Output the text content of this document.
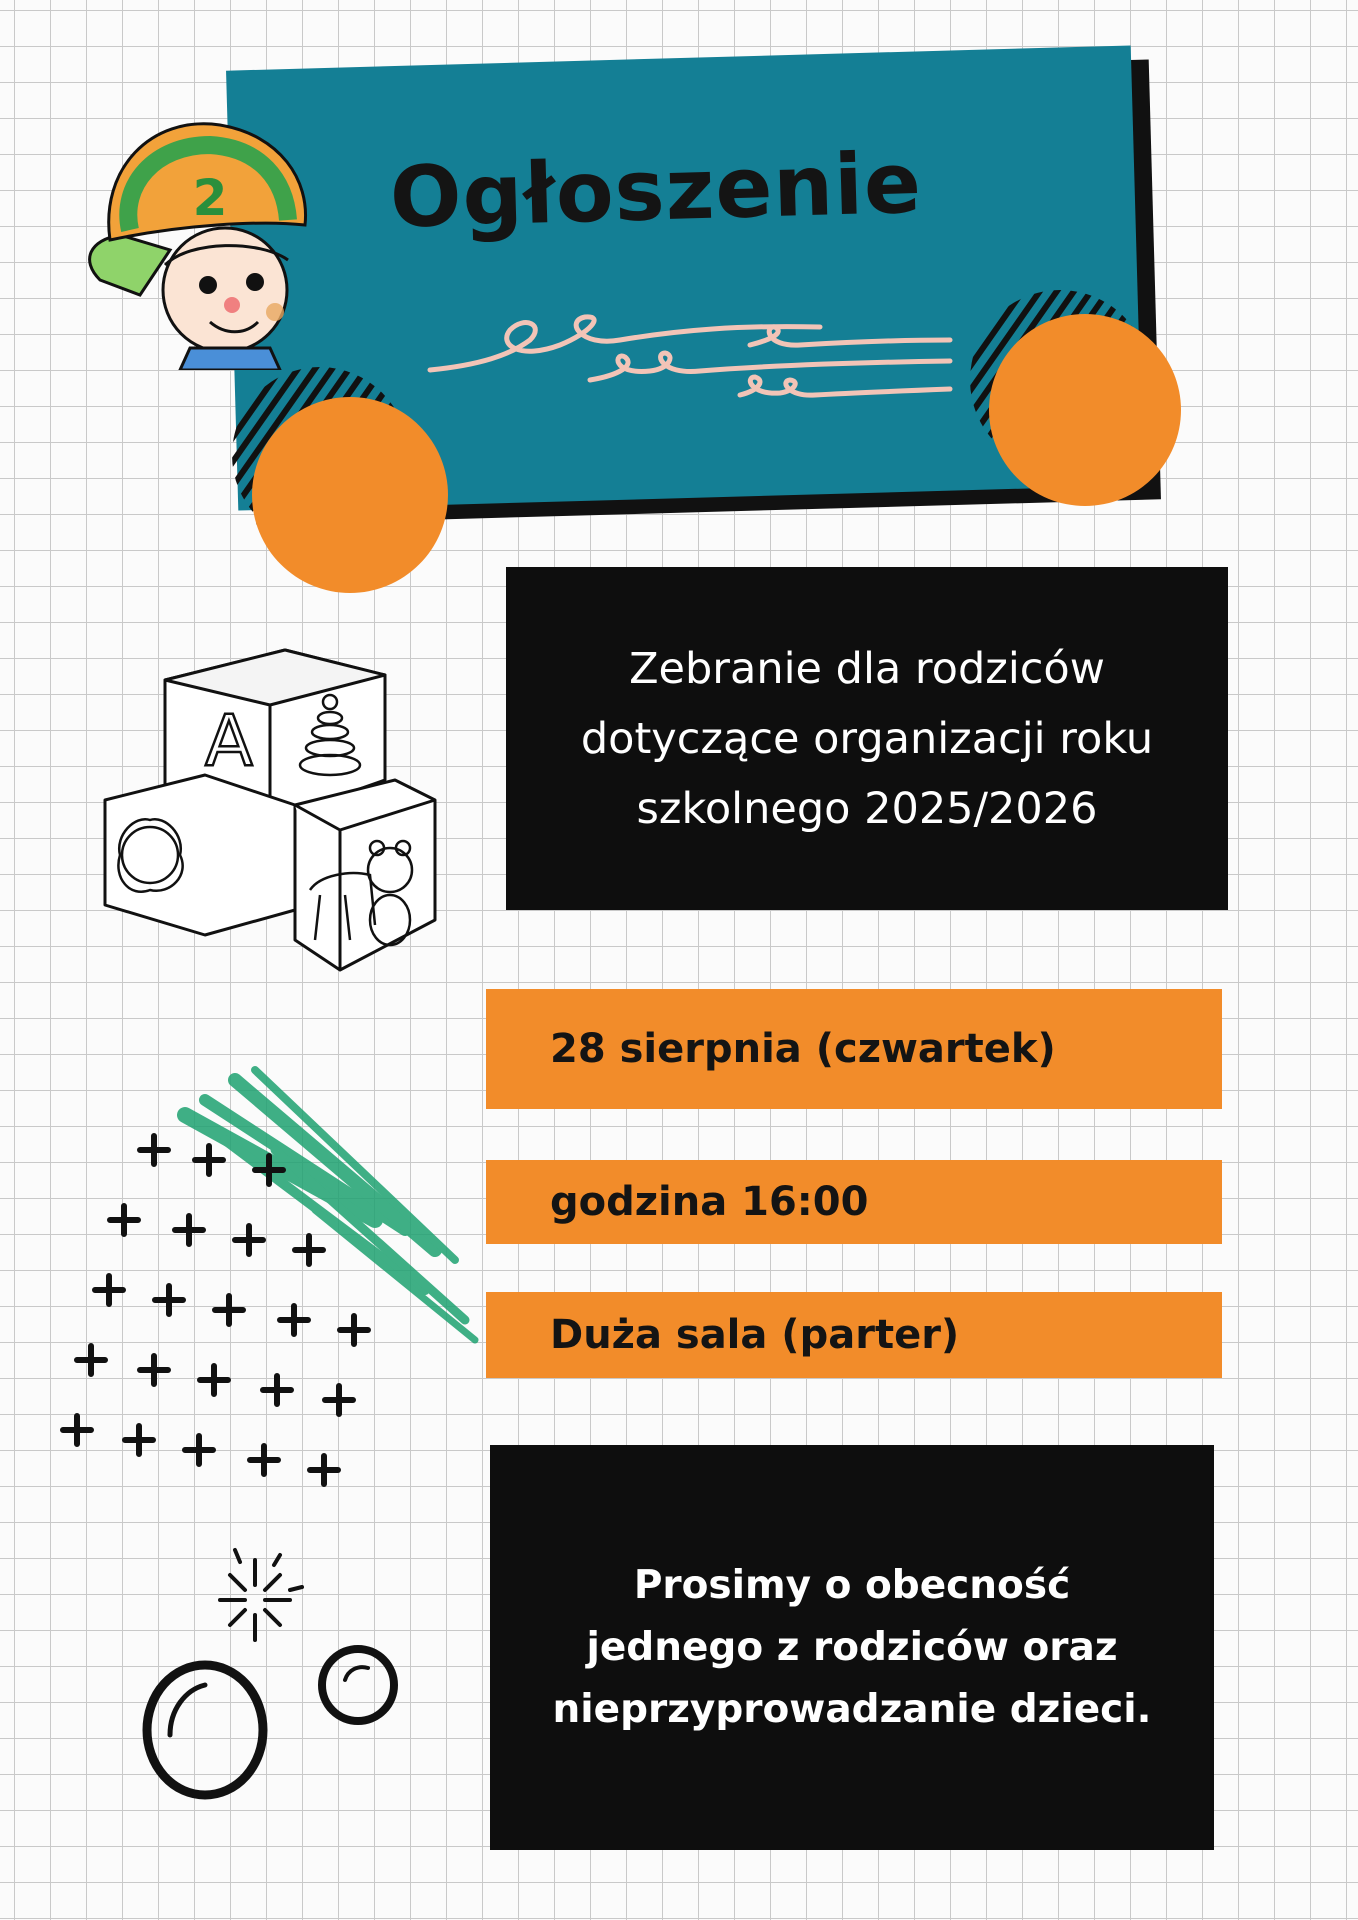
Ogłoszenie
2
A

Zebranie dla rodziców dotyczące organizacji roku szkolnego 2025/2026

28 sierpnia (czwartek)
godzina 16:00
Duża sala (parter)

Prosimy o obecność jednego z rodziców oraz nieprzyprowadzanie dzieci.
